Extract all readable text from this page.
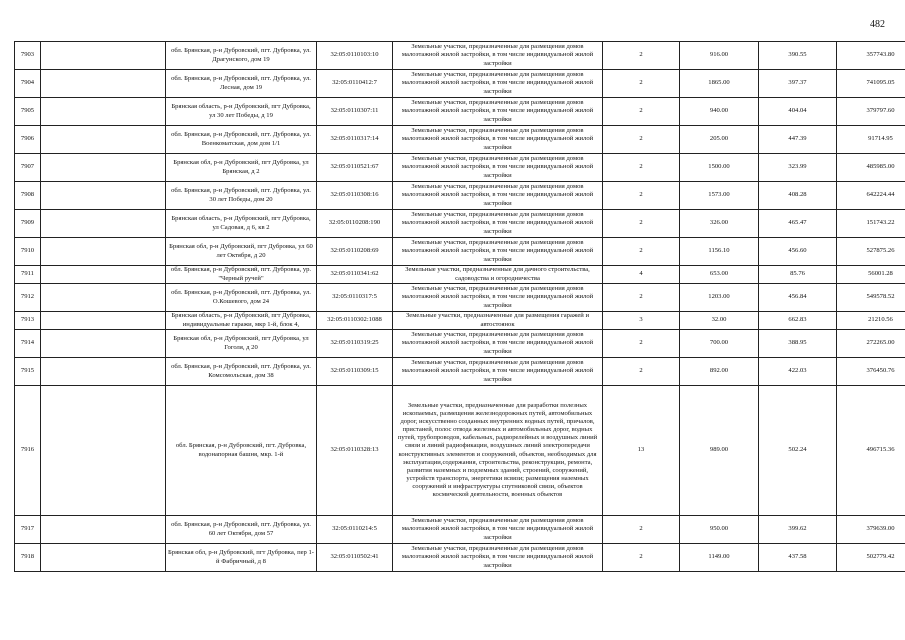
482
7903		обл. Брянская, р-н Дубровский, пгт. Дубровка, ул. Драгунского, дом 19	32:05:0110103:10	Земельные участки, предназначенные для размещения домов малоэтажной жилой застройки, в том числе индивидуальной жилой застройки	2	916.00	390.55	357743.80
7904		обл. Брянская, р-н Дубровский, пгт. Дубровка, ул. Лесная, дом 19	32:05:0110412:7	Земельные участки, предназначенные для размещения домов малоэтажной жилой застройки, в том числе индивидуальной жилой застройки	2	1865.00	397.37	741095.05
7905		Брянская область, р-н Дубровский, пгт Дубровка, ул 30 лет Победы, д 19	32:05:0110307:11	Земельные участки, предназначенные для размещения домов малоэтажной жилой застройки, в том числе индивидуальной жилой застройки	2	940.00	404.04	379797.60
7906		обл. Брянская, р-н Дубровский, пгт. Дубровка, ул. Военкоматская, дом дом 1/1	32:05:0110317:14	Земельные участки, предназначенные для размещения домов малоэтажной жилой застройки, в том числе индивидуальной жилой застройки	2	205.00	447.39	91714.95
7907		Брянская обл, р-н Дубровский, пгт Дубровка, ул Брянская, д 2	32:05:0110521:67	Земельные участки, предназначенные для размещения домов малоэтажной жилой застройки, в том числе индивидуальной жилой застройки	2	1500.00	323.99	485985.00
7908		обл. Брянская, р-н Дубровский, пгт. Дубровка, ул. 30 лет Победы, дом 20	32:05:0110308:16	Земельные участки, предназначенные для размещения домов малоэтажной жилой застройки, в том числе индивидуальной жилой застройки	2	1573.00	408.28	642224.44
7909		Брянская область, р-н Дубровский, пгт Дубровка, ул Садовая, д 6, кв 2	32:05:0110208:190	Земельные участки, предназначенные для размещения домов малоэтажной жилой застройки, в том числе индивидуальной жилой застройки	2	326.00	465.47	151743.22
7910		Брянская обл, р-н Дубровский, пгт Дубровка, ул 60 лет Октября, д 20	32:05:0110208:69	Земельные участки, предназначенные для размещения домов малоэтажной жилой застройки, в том числе индивидуальной жилой застройки	2	1156.10	456.60	527875.26
7911		обл. Брянская, р-н Дубровский, пгт. Дубровка, ур. "Черный ручей"	32:05:0110341:62	Земельные участки, предназначенные для дачного строительства, садоводства и огородничества	4	653.00	85.76	56001.28
7912		обл. Брянская, р-н Дубровский, пгт. Дубровка, ул. О.Кошевого, дом 24	32:05:0110317:5	Земельные участки, предназначенные для размещения домов малоэтажной жилой застройки, в том числе индивидуальной жилой застройки	2	1203.00	456.84	549578.52
7913		Брянская область, р-н Дубровский, пгт Дубровка, индивидуальные гаражи, мкр 1-й, блок 4,	32:05:0110302:1088	Земельные участки, предназначенные для размещения гаражей и автостоянок	3	32.00	662.83	21210.56
7914		Брянская обл, р-н Дубровский, пгт Дубровка, ул Гоголя, д 20	32:05:0110319:25	Земельные участки, предназначенные для размещения домов малоэтажной жилой застройки, в том числе индивидуальной жилой застройки	2	700.00	388.95	272265.00
7915		обл. Брянская, р-н Дубровский, пгт. Дубровка, ул. Комсомольская, дом 38	32:05:0110309:15	Земельные участки, предназначенные для размещения домов малоэтажной жилой застройки, в том числе индивидуальной жилой застройки	2	892.00	422.03	376450.76
7916		обл. Брянская, р-н Дубровский, пгт. Дубровка, водонапорная башня, мкр. 1-й	32:05:0110328:13	Земельные участки, предназначенные для разработки полезных ископаемых, размещения железнодорожных путей, автомобильных дорог, искусственно созданных внутренних водных путей, причалов, пристаней, полос отвода железных и автомобильных дорог, водных путей, трубопроводов, кабельных, радиорелейных и воздушных линий связи и линий радиофикации, воздушных линий электропередачи конструктивных элементов и сооружений, объектов, необходимых для эксплуатации,содержания, строительства, реконструкции, ремонта, развития наземных и подземных зданий, строений, сооружений, устройств транспорта, энергетики всвязи; размещения наземных сооружений и инфраструктуры спутниковой связи, объектов космической деятельности, военных объектов	13	989.00	502.24	496715.36
7917		обл. Брянская, р-н Дубровский, пгт. Дубровка, ул. 60 лет Октября, дом 57	32:05:0110214:5	Земельные участки, предназначенные для размещения домов малоэтажной жилой застройки, в том числе индивидуальной жилой застройки	2	950.00	399.62	379639.00
7918		Брянская обл, р-н Дубровский, пгт Дубровка, пер 1-й Фабричный, д 8	32:05:0110502:41	Земельные участки, предназначенные для размещения домов малоэтажной жилой застройки, в том числе индивидуальной жилой застройки	2	1149.00	437.58	502779.42
